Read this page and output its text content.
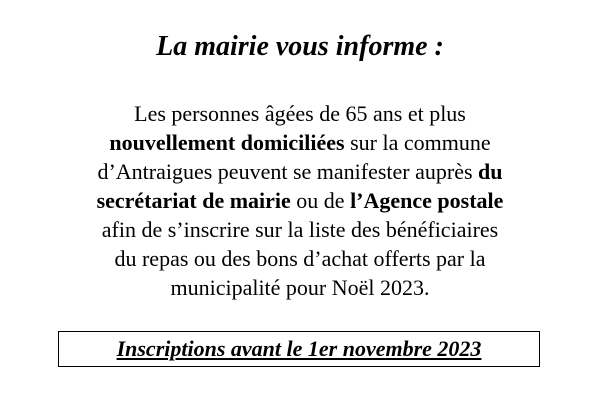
La mairie vous informe :
Les personnes âgées de 65 ans et plus
nouvellement domiciliées sur la commune
d’Antraigues peuvent se manifester auprès du
secrétariat de mairie ou de l’Agence postale
afin de s’inscrire sur la liste des bénéficiaires
du repas ou des bons d’achat offerts par la
municipalité pour Noël 2023.
Inscriptions avant le 1er novembre 2023
